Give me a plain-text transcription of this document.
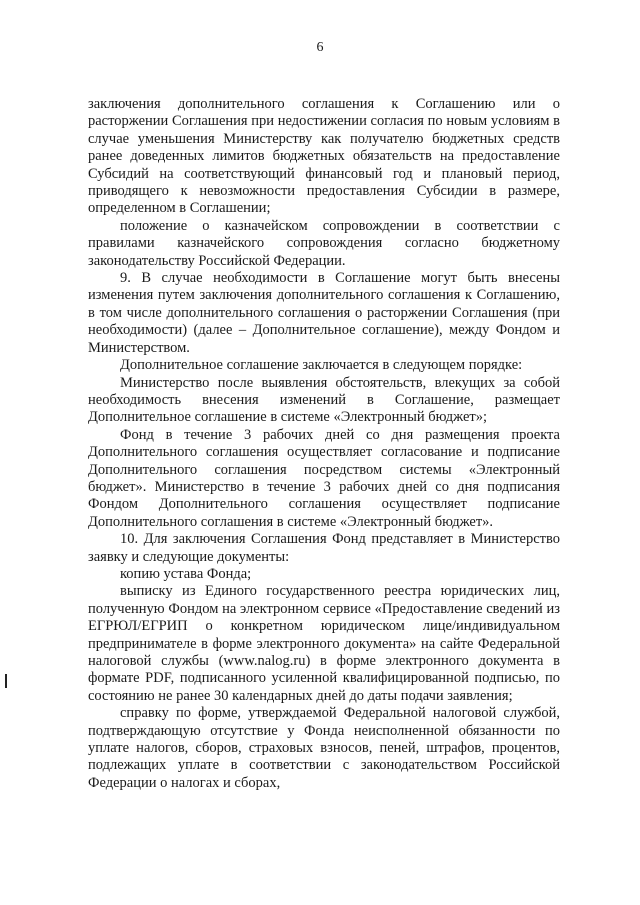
6

заключения дополнительного соглашения к Соглашению или о расторжении Соглашения при недостижении согласия по новым условиям в случае уменьшения Министерству как получателю бюджетных средств ранее доведенных лимитов бюджетных обязательств на предоставление Субсидий на соответствующий финансовый год и плановый период, приводящего к невозможности предоставления Субсидии в размере, определенном в Соглашении;

положение о казначейском сопровождении в соответствии с правилами казначейского сопровождения согласно бюджетному законодательству Российской Федерации.

9. В случае необходимости в Соглашение могут быть внесены изменения путем заключения дополнительного соглашения к Соглашению, в том числе дополнительного соглашения о расторжении Соглашения (при необходимости) (далее – Дополнительное соглашение), между Фондом и Министерством.

Дополнительное соглашение заключается в следующем порядке:

Министерство после выявления обстоятельств, влекущих за собой необходимость внесения изменений в Соглашение, размещает Дополнительное соглашение в системе «Электронный бюджет»;

Фонд в течение 3 рабочих дней со дня размещения проекта Дополнительного соглашения осуществляет согласование и подписание Дополнительного соглашения посредством системы «Электронный бюджет». Министерство в течение 3 рабочих дней со дня подписания Фондом Дополнительного соглашения осуществляет подписание Дополнительного соглашения в системе «Электронный бюджет».

10. Для заключения Соглашения Фонд представляет в Министерство заявку и следующие документы:

копию устава Фонда;

выписку из Единого государственного реестра юридических лиц, полученную Фондом на электронном сервисе «Предоставление сведений из ЕГРЮЛ/ЕГРИП о конкретном юридическом лице/индивидуальном предпринимателе в форме электронного документа» на сайте Федеральной налоговой службы (www.nalog.ru) в форме электронного документа в формате PDF, подписанного усиленной квалифицированной подписью, по состоянию не ранее 30 календарных дней до даты подачи заявления;

справку по форме, утверждаемой Федеральной налоговой службой, подтверждающую отсутствие у Фонда неисполненной обязанности по уплате налогов, сборов, страховых взносов, пеней, штрафов, процентов, подлежащих уплате в соответствии с законодательством Российской Федерации о налогах и сборах,
